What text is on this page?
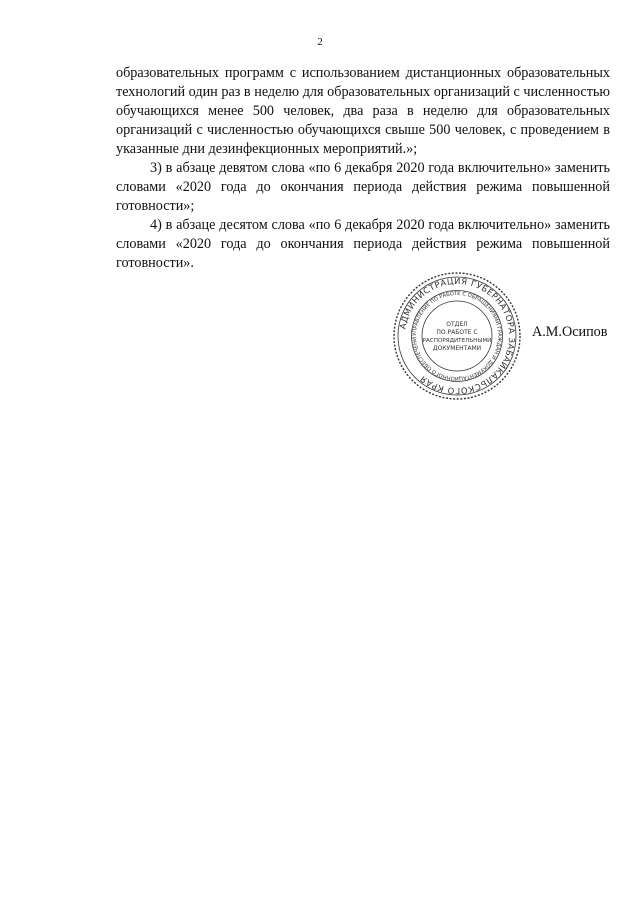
2

образовательных программ с использованием дистанционных образовательных технологий один раз в неделю для образовательных организаций с численностью обучающихся менее 500 человек, два раза в неделю для образовательных организаций с численностью обучающихся свыше 500 человек, с проведением в указанные дни дезинфекционных мероприятий.»;

3) в абзаце девятом слова «по 6 декабря 2020 года включительно» заменить словами «2020 года до окончания периода действия режима повышенной готовности»;

4) в абзаце десятом слова «по 6 декабря 2020 года включительно» заменить словами «2020 года до окончания периода действия режима повышенной готовности».

АДМИНИСТРАЦИЯ ГУБЕРНАТОРА ЗАБАЙКАЛЬСКОГО КРАЯ
УПРАВЛЕНИЕ ПО РАБОТЕ С ОБРАЩЕНИЯМИ ГРАЖДАН И ДОКУМЕНТАЦИОННОГО ОБЕСПЕЧЕНИ
ОТДЕЛ
ПО РАБОТЕ С
РАСПОРЯДИТЕЛЬНЫМИ
ДОКУМЕНТАМИ
А.М.Осипов
